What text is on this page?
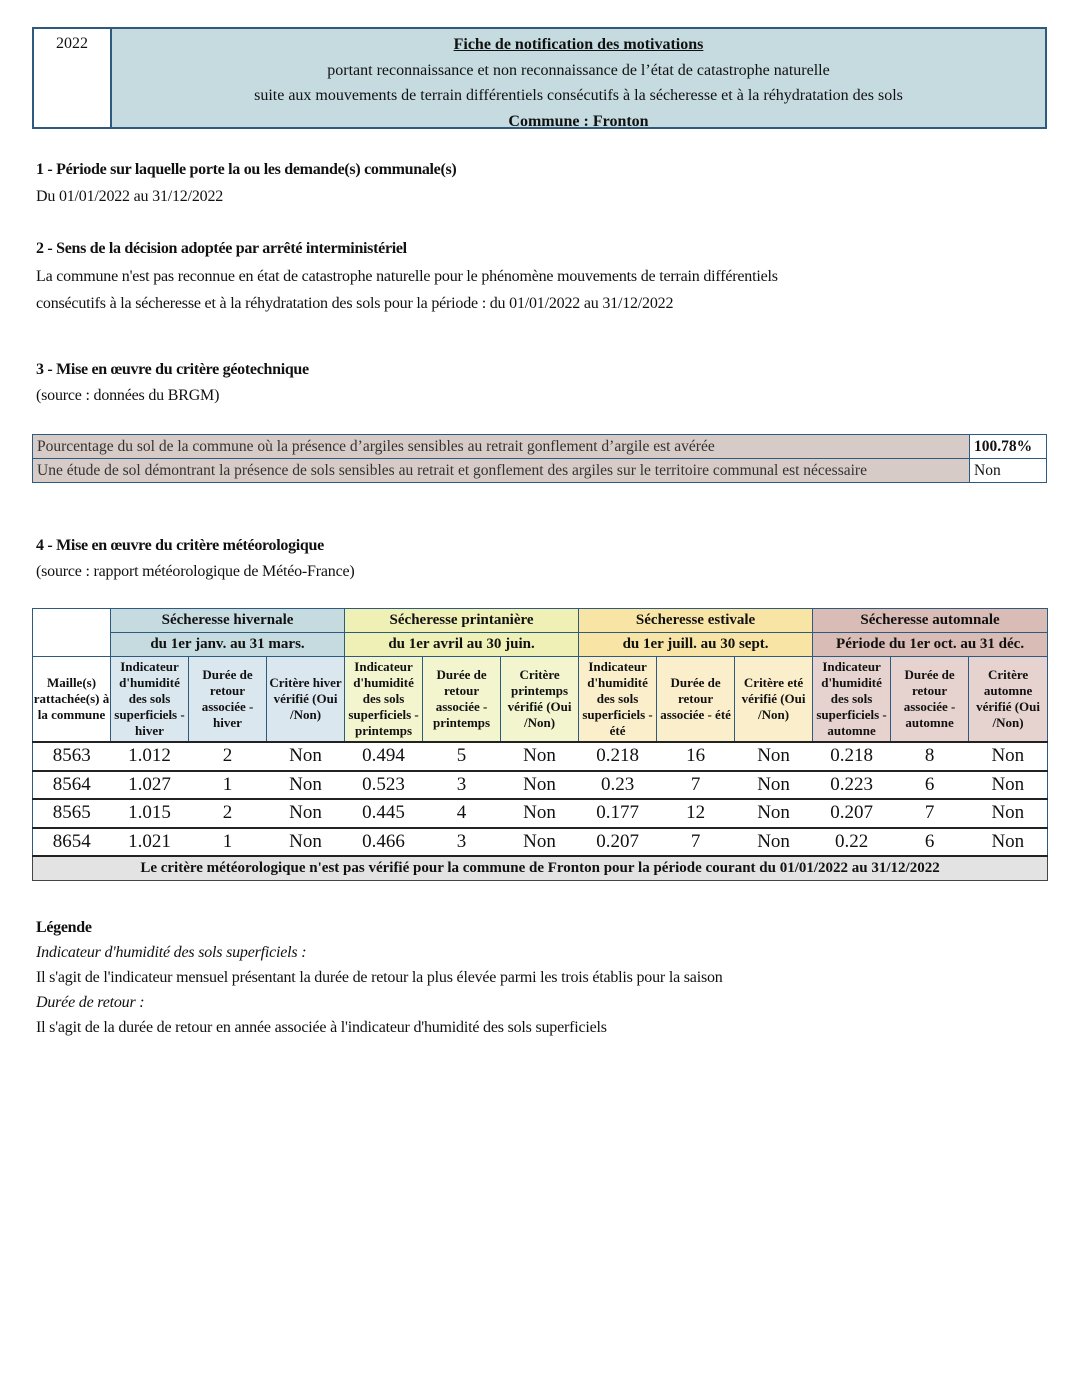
2022	Fiche de notification des motivations
portant reconnaissance et non reconnaissance de l’état de catastrophe naturelle
suite aux mouvements de terrain différentiels consécutifs à la sécheresse et à la réhydratation des sols
Commune : Fronton
1 - Période sur laquelle porte la ou les demande(s) communale(s)
Du 01/01/2022 au 31/12/2022
2 - Sens de la décision adoptée par arrêté interministériel
La commune n'est pas reconnue en état de catastrophe naturelle pour le phénomène mouvements de terrain différentiels
consécutifs à la sécheresse et à la réhydratation des sols pour la période : du 01/01/2022 au 31/12/2022
3 - Mise en œuvre du critère géotechnique
(source : données du BRGM)
Pourcentage du sol de la commune où la présence d’argiles sensibles au retrait gonflement d’argile est avérée	100.78%
Une étude de sol démontrant la présence de sols sensibles au retrait et gonflement des argiles sur le territoire communal est nécessaire	Non
4 - Mise en œuvre du critère météorologique
(source : rapport météorologique de Météo-France)
	Sécheresse hivernale			Sécheresse printanière			Sécheresse estivale			Sécheresse automnale		
	du 1er janv. au 31 mars.			du 1er avril au 30 juin.			du 1er juill. au 30 sept.			Période du 1er oct. au 31 déc.		
Maille(s) rattachée(s) à la commune	Indicateur d'humidité des sols superficiels - hiver	Durée de retour associée - hiver	Critère hiver vérifié (Oui /Non)	Indicateur d'humidité des sols superficiels - printemps	Durée de retour associée - printemps	Critère printemps vérifié (Oui /Non)	Indicateur d'humidité des sols superficiels - été	Durée de retour associée - été	Critère eté vérifié (Oui /Non)	Indicateur d'humidité des sols superficiels - automne	Durée de retour associée - automne	Critère automne vérifié (Oui /Non)
8563	1.012	2	Non	0.494	5	Non	0.218	16	Non	0.218	8	Non
8564	1.027	1	Non	0.523	3	Non	0.23	7	Non	0.223	6	Non
8565	1.015	2	Non	0.445	4	Non	0.177	12	Non	0.207	7	Non
8654	1.021	1	Non	0.466	3	Non	0.207	7	Non	0.22	6	Non
Le critère météorologique n'est pas vérifié pour la commune de Fronton pour la période courant du 01/01/2022 au 31/12/2022												
Légende
Indicateur d'humidité des sols superficiels :
Il s'agit de l'indicateur mensuel présentant la durée de retour la plus élevée parmi les trois établis pour la saison
Durée de retour :
Il s'agit de la durée de retour en année associée à l'indicateur d'humidité des sols superficiels
